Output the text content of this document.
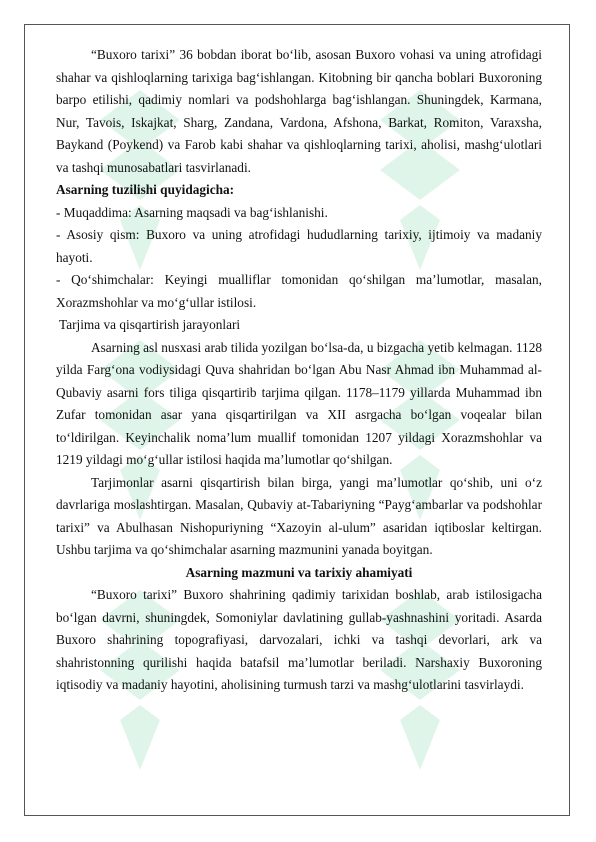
“Buxoro tarixi” 36 bobdan iborat bo‘lib, asosan Buxoro vohasi va uning atrofidagi shahar va qishloqlarning tarixiga bag‘ishlangan. Kitobning bir qancha boblari Buxoroning barpo etilishi, qadimiy nomlari va podshohlarga bag‘ishlangan. Shuningdek, Karmana, Nur, Tavois, Iskajkat, Sharg, Zandana, Vardona, Afshona, Barkat, Romiton, Varaxsha, Baykand (Poykend) va Farob kabi shahar va qishloqlarning tarixi, aholisi, mashg‘ulotlari va tashqi munosabatlari tasvirlanadi.

Asarning tuzilishi quyidagicha:

- Muqaddima: Asarning maqsadi va bag‘ishlanishi.

- Asosiy qism: Buxoro va uning atrofidagi hududlarning tarixiy, ijtimoiy va madaniy hayoti.

- Qo‘shimchalar: Keyingi mualliflar tomonidan qo‘shilgan ma’lumotlar, masalan, Xorazmshohlar va mo‘g‘ullar istilosi.

Tarjima va qisqartirish jarayonlari

Asarning asl nusxasi arab tilida yozilgan bo‘lsa-da, u bizgacha yetib kelmagan. 1128 yilda Farg‘ona vodiysidagi Quva shahridan bo‘lgan Abu Nasr Ahmad ibn Muhammad al-Qubaviy asarni fors tiliga qisqartirib tarjima qilgan. 1178–1179 yillarda Muhammad ibn Zufar tomonidan asar yana qisqartirilgan va XII asrgacha bo‘lgan voqealar bilan to‘ldirilgan. Keyinchalik noma’lum muallif tomonidan 1207 yildagi Xorazmshohlar va 1219 yildagi mo‘g‘ullar istilosi haqida ma’lumotlar qo‘shilgan.

Tarjimonlar asarni qisqartirish bilan birga, yangi ma’lumotlar qo‘shib, uni o‘z davrlariga moslashtirgan. Masalan, Qubaviy at-Tabariyning “Payg‘ambarlar va podshohlar tarixi” va Abulhasan Nishopuriyning “Xazoyin al-ulum” asaridan iqtiboslar keltirgan. Ushbu tarjima va qo‘shimchalar asarning mazmunini yanada boyitgan.

Asarning mazmuni va tarixiy ahamiyati

“Buxoro tarixi” Buxoro shahrining qadimiy tarixidan boshlab, arab istilosigacha bo‘lgan davrni, shuningdek, Somoniylar davlatining gullab-yashnashini yoritadi. Asarda Buxoro shahrining topografiyasi, darvozalari, ichki va tashqi devorlari, ark va shahristonning qurilishi haqida batafsil ma’lumotlar beriladi. Narshaxiy Buxoroning iqtisodiy va madaniy hayotini, aholisining turmush tarzi va mashg‘ulotlarini tasvirlaydi.
